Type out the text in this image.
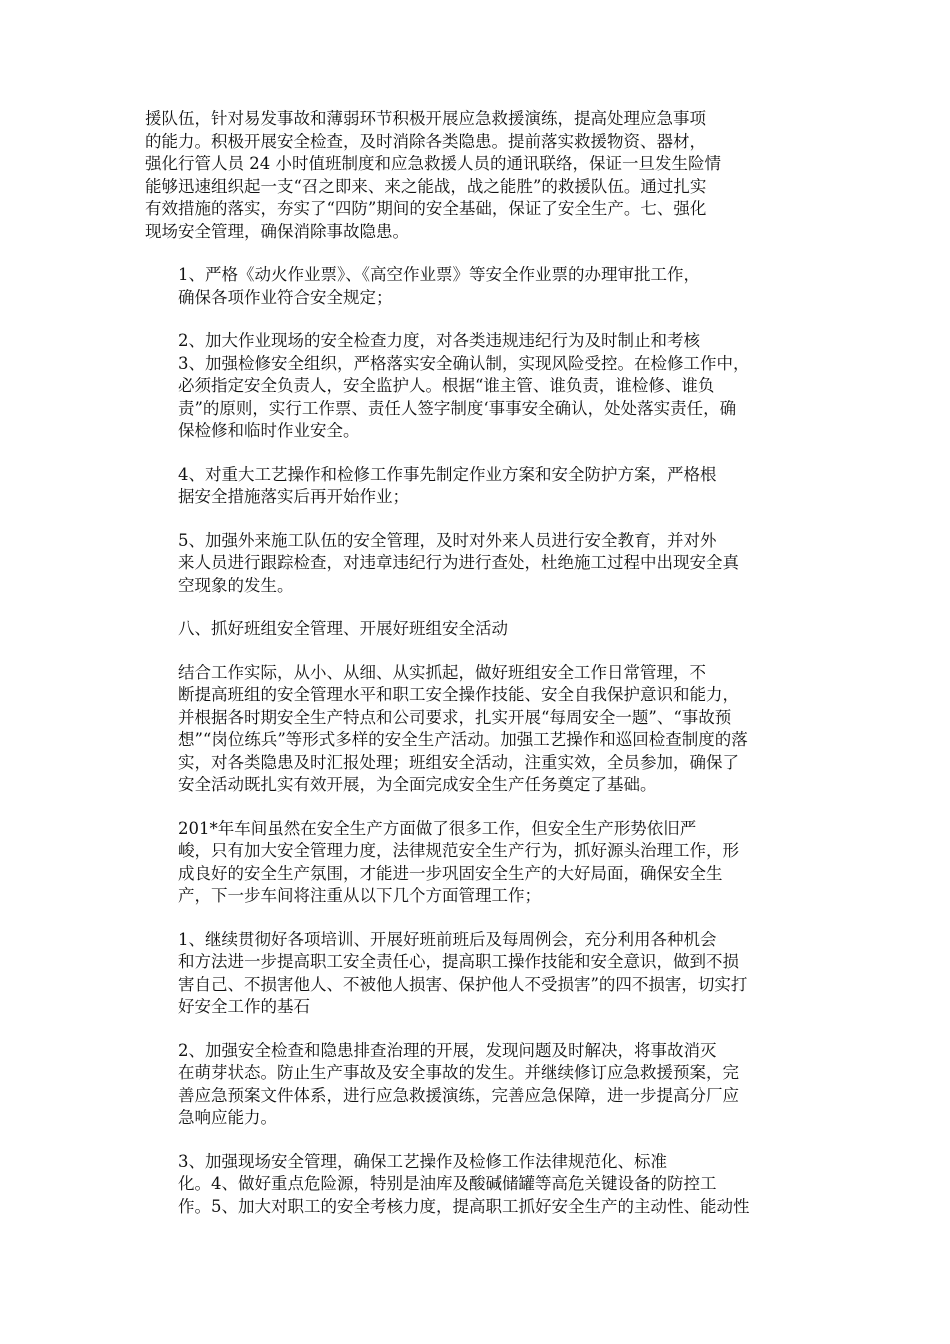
援队伍，针对易发事故和薄弱环节积极开展应急救援演练，提高处理应急事项
的能力。积极开展安全检查，及时消除各类隐患。提前落实救援物资、器材，
强化行管人员 24 小时值班制度和应急救援人员的通讯联络，保证一旦发生险情
能够迅速组织起一支“召之即来、来之能战，战之能胜”的救援队伍。通过扎实
有效措施的落实，夯实了“四防”期间的安全基础，保证了安全生产。七、强化
现场安全管理，确保消除事故隐患。

1、严格《动火作业票》、《高空作业票》等安全作业票的办理审批工作，
确保各项作业符合安全规定；

2、加大作业现场的安全检查力度，对各类违规违纪行为及时制止和考核
3、加强检修安全组织，严格落实安全确认制，实现风险受控。在检修工作中，
必须指定安全负责人，安全监护人。根据“谁主管、谁负责，谁检修、谁负
责”的原则，实行工作票、责任人签字制度‘事事安全确认，处处落实责任，确
保检修和临时作业安全。

4、对重大工艺操作和检修工作事先制定作业方案和安全防护方案，严格根
据安全措施落实后再开始作业；

5、加强外来施工队伍的安全管理，及时对外来人员进行安全教育，并对外
来人员进行跟踪检查，对违章违纪行为进行查处，杜绝施工过程中出现安全真
空现象的发生。

八、抓好班组安全管理、开展好班组安全活动

结合工作实际，从小、从细、从实抓起，做好班组安全工作日常管理，不
断提高班组的安全管理水平和职工安全操作技能、安全自我保护意识和能力，
并根据各时期安全生产特点和公司要求，扎实开展“每周安全一题”、“事故预
想”“岗位练兵”等形式多样的安全生产活动。加强工艺操作和巡回检查制度的落
实，对各类隐患及时汇报处理；班组安全活动，注重实效，全员参加，确保了
安全活动既扎实有效开展，为全面完成安全生产任务奠定了基础。

201*年车间虽然在安全生产方面做了很多工作，但安全生产形势依旧严
峻，只有加大安全管理力度，法律规范安全生产行为，抓好源头治理工作，形
成良好的安全生产氛围，才能进一步巩固安全生产的大好局面，确保安全生
产，下一步车间将注重从以下几个方面管理工作；

1、继续贯彻好各项培训、开展好班前班后及每周例会，充分利用各种机会
和方法进一步提高职工安全责任心，提高职工操作技能和安全意识，做到不损
害自己、不损害他人、不被他人损害、保护他人不受损害”的四不损害，切实打
好安全工作的基石

2、加强安全检查和隐患排查治理的开展，发现问题及时解决，将事故消灭
在萌芽状态。防止生产事故及安全事故的发生。并继续修订应急救援预案，完
善应急预案文件体系，进行应急救援演练，完善应急保障，进一步提高分厂应
急响应能力。

3、加强现场安全管理，确保工艺操作及检修工作法律规范化、标准
化。4、做好重点危险源，特别是油库及酸碱储罐等高危关键设备的防控工
作。5、加大对职工的安全考核力度，提高职工抓好安全生产的主动性、能动性
